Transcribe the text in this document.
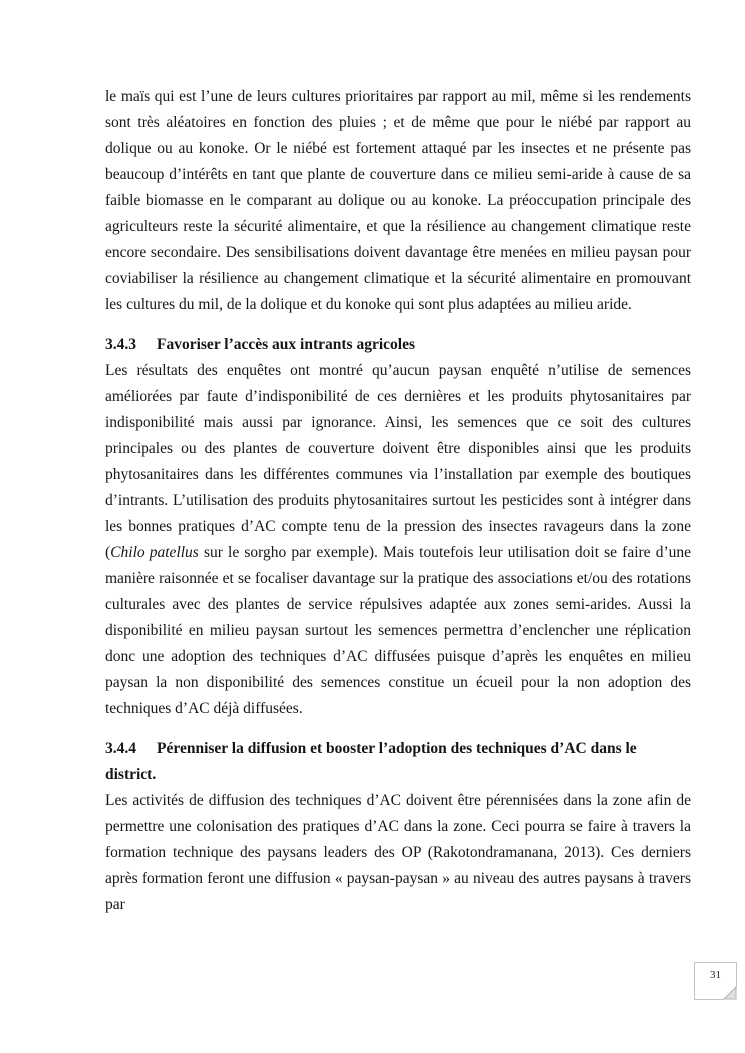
le maïs qui est l’une de leurs cultures prioritaires par rapport au mil, même si les rendements sont très aléatoires en fonction des pluies ; et de même que pour le niébé par rapport au dolique ou au konoke. Or le niébé est fortement attaqué par les insectes et ne présente pas beaucoup d’intérêts en tant que plante de couverture dans ce milieu semi-aride à cause de sa faible biomasse en le comparant au dolique ou au konoke. La préoccupation principale des agriculteurs reste la sécurité alimentaire, et que la résilience au changement climatique reste encore secondaire. Des sensibilisations doivent davantage être menées en milieu paysan pour coviabiliser la résilience au changement climatique et la sécurité alimentaire en promouvant les cultures du mil, de la dolique et du konoke qui sont plus adaptées au milieu aride.

3.4.3 Favoriser l’accès aux intrants agricoles

Les résultats des enquêtes ont montré qu’aucun paysan enquêté n’utilise de semences améliorées par faute d’indisponibilité de ces dernières et les produits phytosanitaires par indisponibilité mais aussi par ignorance. Ainsi, les semences que ce soit des cultures principales ou des plantes de couverture doivent être disponibles ainsi que les produits phytosanitaires dans les différentes communes via l’installation par exemple des boutiques d’intrants. L’utilisation des produits phytosanitaires surtout les pesticides sont à intégrer dans les bonnes pratiques d’AC compte tenu de la pression des insectes ravageurs dans la zone (Chilo patellus sur le sorgho par exemple). Mais toutefois leur utilisation doit se faire d’une manière raisonnée et se focaliser davantage sur la pratique des associations et/ou des rotations culturales avec des plantes de service répulsives adaptée aux zones semi-arides. Aussi la disponibilité en milieu paysan surtout les semences permettra d’enclencher une réplication donc une adoption des techniques d’AC diffusées puisque d’après les enquêtes en milieu paysan la non disponibilité des semences constitue un écueil pour la non adoption des techniques d’AC déjà diffusées.

3.4.4 Pérenniser la diffusion et booster l’adoption des techniques d’AC dans le district.

Les activités de diffusion des techniques d’AC doivent être pérennisées dans la zone afin de permettre une colonisation des pratiques d’AC dans la zone. Ceci pourra se faire à travers la formation technique des paysans leaders des OP (Rakotondramanana, 2013). Ces derniers après formation feront une diffusion « paysan-paysan » au niveau des autres paysans à travers par

31
